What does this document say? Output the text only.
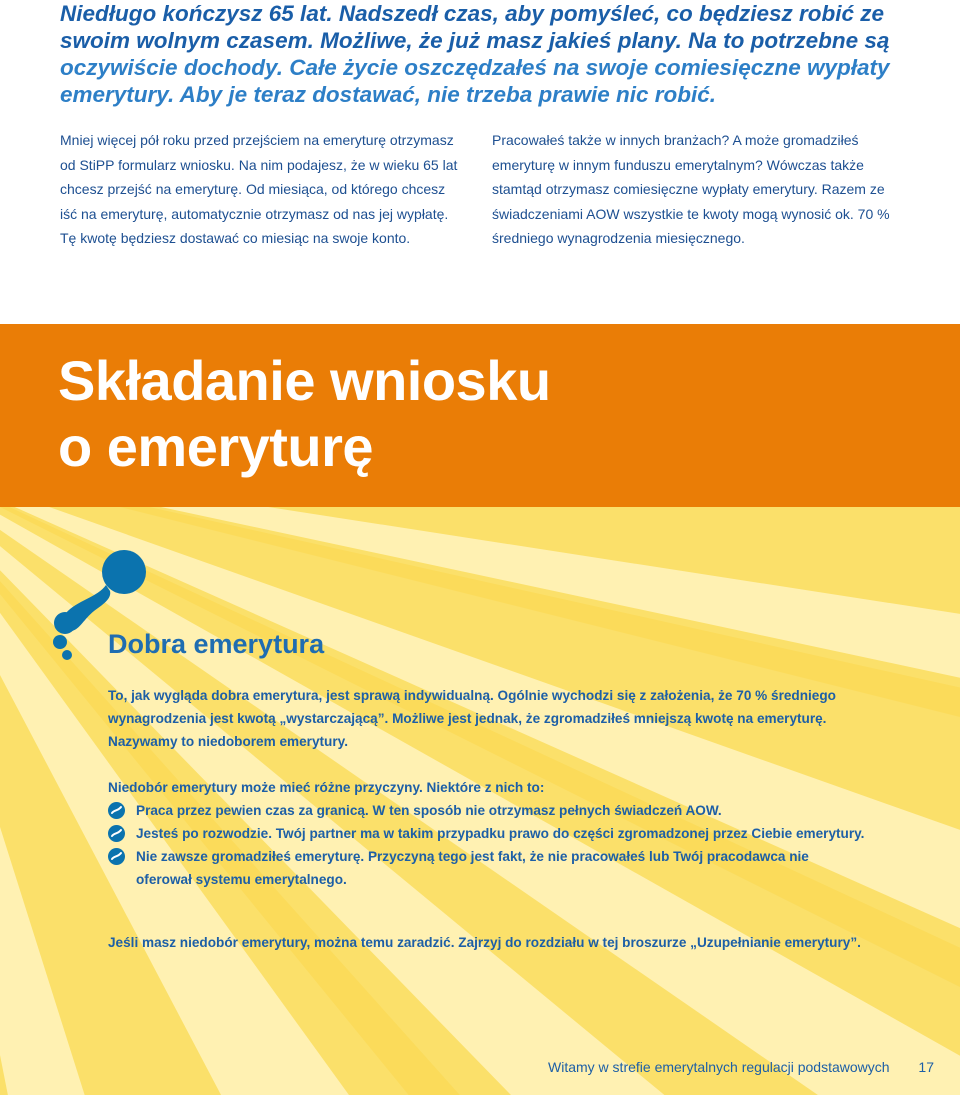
Niedługo kończysz 65 lat. Nadszedł czas, aby pomyśleć, co będziesz robić ze swoim wolnym czasem. Możliwe, że już masz jakieś plany. Na to potrzebne są oczywiście dochody. Całe życie oszczędzałeś na swoje comiesięczne wypłaty emerytury. Aby je teraz dostawać, nie trzeba prawie nic robić.

Mniej więcej pół roku przed przejściem na emeryturę otrzymasz od StiPP formularz wniosku. Na nim podajesz, że w wieku 65 lat chcesz przejść na emeryturę. Od miesiąca, od którego chcesz iść na emeryturę, automatycznie otrzymasz od nas jej wypłatę. Tę kwotę będziesz dostawać co miesiąc na swoje konto.

Pracowałeś także w innych branżach? A może gromadziłeś emeryturę w innym funduszu emerytalnym? Wówczas także stamtąd otrzymasz comiesięczne wypłaty emerytury. Razem ze świadczeniami AOW wszystkie te kwoty mogą wynosić ok. 70 % średniego wynagrodzenia miesięcznego.

Składanie wniosku
o emeryturę
Dobra emerytura

To, jak wygląda dobra emerytura, jest sprawą indywidualną. Ogólnie wychodzi się z założenia, że 70 % średniego wynagrodzenia jest kwotą „wystarczającą”. Możliwe jest jednak, że zgromadziłeś mniejszą kwotę na emeryturę. Nazywamy to niedoborem emerytury.

Niedobór emerytury może mieć różne przyczyny. Niektóre z nich to:

Praca przez pewien czas za granicą. W ten sposób nie otrzymasz pełnych świadczeń AOW.
Jesteś po rozwodzie. Twój partner ma w takim przypadku prawo do części zgromadzonej przez Ciebie emerytury.
Nie zawsze gromadziłeś emeryturę. Przyczyną tego jest fakt, że nie pracowałeś lub Twój pracodawca nie oferował systemu emerytalnego.

Jeśli masz niedobór emerytury, można temu zaradzić. Zajrzyj do rozdziału w tej broszurze „Uzupełnianie emerytury”.

Witamy w strefie emerytalnych regulacji podstawowych 17
